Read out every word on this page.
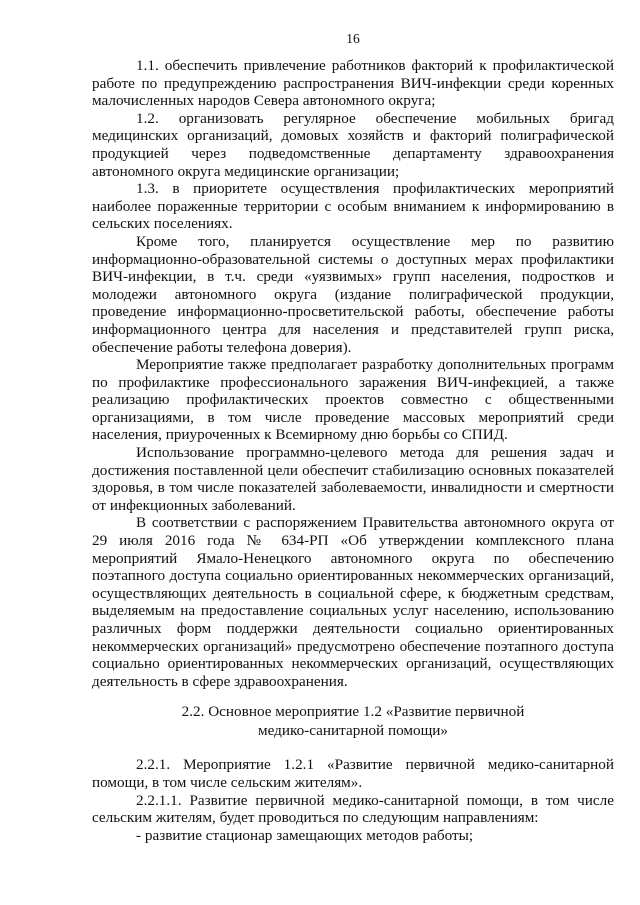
16

1.1. обеспечить привлечение работников факторий к профилактической работе по предупреждению распространения ВИЧ-инфекции среди коренных малочисленных народов Севера автономного округа;

1.2. организовать регулярное обеспечение мобильных бригад медицинских организаций, домовых хозяйств и факторий полиграфической продукцией через подведомственные департаменту здравоохранения автономного округа медицинские организации;

1.3. в приоритете осуществления профилактических мероприятий наиболее пораженные территории с особым вниманием к информированию в сельских поселениях.

Кроме того, планируется осуществление мер по развитию информационно-образовательной системы о доступных мерах профилактики ВИЧ-инфекции, в т.ч. среди «уязвимых» групп населения, подростков и молодежи автономного округа (издание полиграфической продукции, проведение информационно-просветительской работы, обеспечение работы информационного центра для населения и представителей групп риска, обеспечение работы телефона доверия).

Мероприятие также предполагает разработку дополнительных программ по профилактике профессионального заражения ВИЧ-инфекцией, а также реализацию профилактических проектов совместно с общественными организациями, в том числе проведение массовых мероприятий среди населения, приуроченных к Всемирному дню борьбы со СПИД.

Использование программно-целевого метода для решения задач и достижения поставленной цели обеспечит стабилизацию основных показателей здоровья, в том числе показателей заболеваемости, инвалидности и смертности от инфекционных заболеваний.

В соответствии с распоряжением Правительства автономного округа от 29 июля 2016 года № 634-РП «Об утверждении комплексного плана мероприятий Ямало-Ненецкого автономного округа по обеспечению поэтапного доступа социально ориентированных некоммерческих организаций, осуществляющих деятельность в социальной сфере, к бюджетным средствам, выделяемым на предоставление социальных услуг населению, использованию различных форм поддержки деятельности социально ориентированных некоммерческих организаций» предусмотрено обеспечение поэтапного доступа социально ориентированных некоммерческих организаций, осуществляющих деятельность в сфере здравоохранения.

2.2. Основное мероприятие 1.2 «Развитие первичной
медико-санитарной помощи»

2.2.1. Мероприятие 1.2.1 «Развитие первичной медико-санитарной помощи, в том числе сельским жителям».

2.2.1.1. Развитие первичной медико-санитарной помощи, в том числе сельским жителям, будет проводиться по следующим направлениям:

- развитие стационар замещающих методов работы;
